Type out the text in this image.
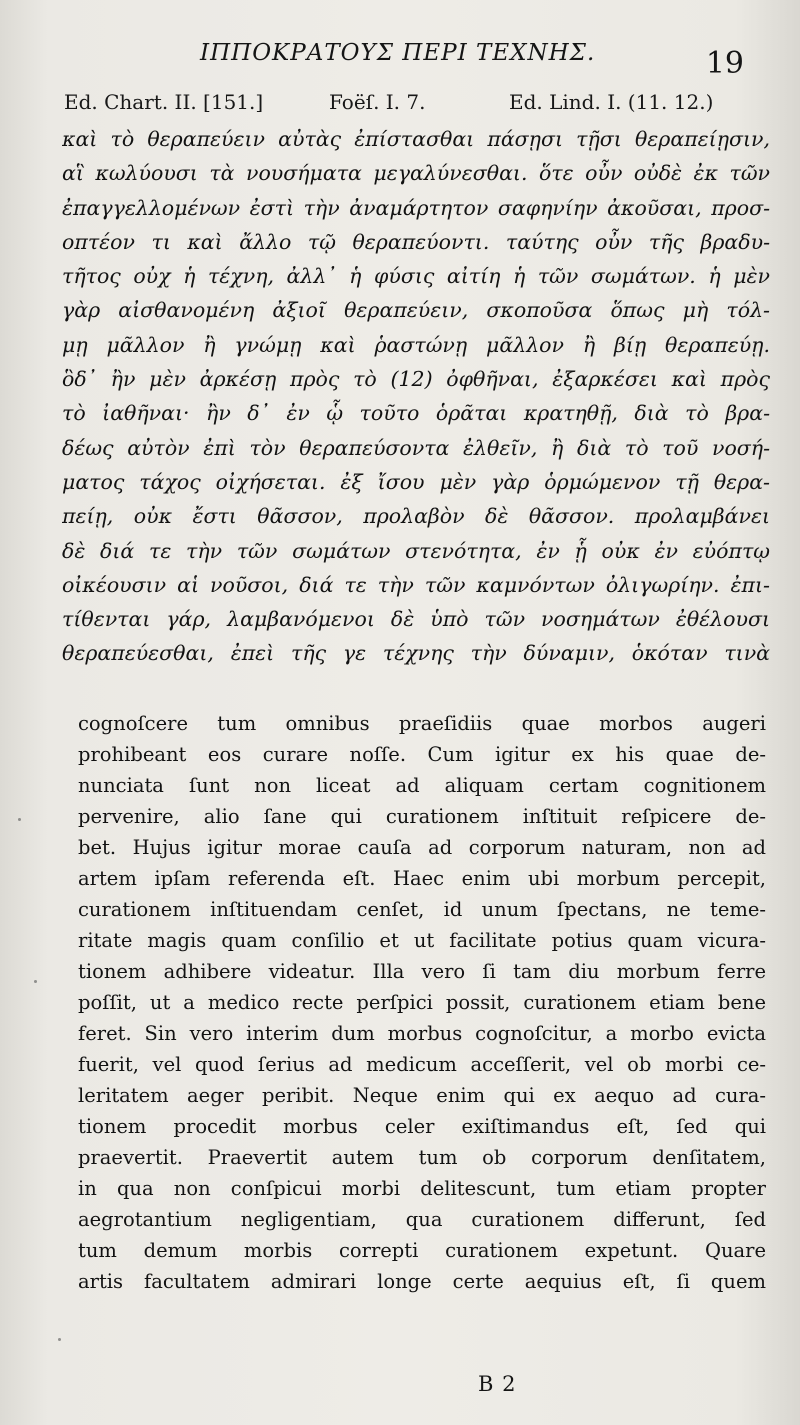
ΙΠΠΟΚΡΑΤΟΥΣ ΠΕΡΙ ΤΕΧΝΗΣ.	19
Ed. Chart. II. [151.]	Foëſ. I. 7.	Ed. Lind. I. (11. 12.)
καὶ τὸ θεραπεύειν αὐτὰς ἐπίστασθαι πάσῃσι τῇσι θεραπείῃσιν,
αἳ κωλύουσι τὰ νουσήματα μεγαλύνεσθαι. ὅτε οὖν οὐδὲ ἐκ τῶν
ἐπαγγελλομένων ἐστὶ τὴν ἀναμάρτητον σαφηνίην ἀκοῦσαι, προσ-
οπτέον τι καὶ ἄλλο τῷ θεραπεύοντι. ταύτης οὖν τῆς βραδυ-
τῆτος οὐχ ἡ τέχνη, ἀλλ᾽ ἡ φύσις αἰτίη ἡ τῶν σωμάτων. ἡ μὲν
γὰρ αἰσθανομένη ἀξιοῖ θεραπεύειν, σκοποῦσα ὅπως μὴ τόλ-
μῃ μᾶλλον ἢ γνώμῃ καὶ ῥαστώνῃ μᾶλλον ἢ βίῃ θεραπεύῃ.
ὃδ᾽ ἢν μὲν ἀρκέσῃ πρὸς τὸ (12) ὀφθῆναι, ἐξαρκέσει καὶ πρὸς
τὸ ἰαθῆναι· ἢν δ᾽ ἐν ᾧ τοῦτο ὁρᾶται κρατηθῇ, διὰ τὸ βρα-
δέως αὐτὸν ἐπὶ τὸν θεραπεύσοντα ἐλθεῖν, ἢ διὰ τὸ τοῦ νοσή-
ματος τάχος οἰχήσεται. ἐξ ἴσου μὲν γὰρ ὁρμώμενον τῇ θερα-
πείῃ, οὐκ ἔστι θᾶσσον, προλαβὸν δὲ θᾶσσον. προλαμβάνει
δὲ διά τε τὴν τῶν σωμάτων στενότητα, ἐν ᾗ οὐκ ἐν εὐόπτῳ
οἰκέουσιν αἱ νοῦσοι, διά τε τὴν τῶν καμνόντων ὀλιγωρίην. ἐπι-
τίθενται γάρ, λαμβανόμενοι δὲ ὑπὸ τῶν νοσημάτων ἐθέλουσι
θεραπεύεσθαι, ἐπεὶ τῆς γε τέχνης τὴν δύναμιν, ὁκόταν τινὰ
cognoſcere tum omnibus praeſidiis quae morbos augeri
prohibeant eos curare noſſe. Cum igitur ex his quae de-
nunciata ſunt non liceat ad aliquam certam cognitionem
pervenire, alio ſane qui curationem inſtituit reſpicere de-
bet. Hujus igitur morae cauſa ad corporum naturam, non ad
artem ipſam referenda eſt. Haec enim ubi morbum percepit,
curationem inſtituendam cenſet, id unum ſpectans, ne teme-
ritate magis quam conſilio et ut facilitate potius quam vicura-
tionem adhibere videatur. Illa vero ſi tam diu morbum ferre
poſſit, ut a medico recte perſpici possit, curationem etiam bene
feret. Sin vero interim dum morbus cognoſcitur, a morbo evicta
fuerit, vel quod ſerius ad medicum acceſſerit, vel ob morbi ce-
leritatem aeger peribit. Neque enim qui ex aequo ad cura-
tionem procedit morbus celer exiſtimandus eſt, ſed qui
praevertit. Praevertit autem tum ob corporum denſitatem,
in qua non conſpicui morbi delitescunt, tum etiam propter
aegrotantium negligentiam, qua curationem differunt, ſed
tum demum morbis correpti curationem expetunt. Quare
artis facultatem admirari longe certe aequius eſt, ſi quem
B 2
